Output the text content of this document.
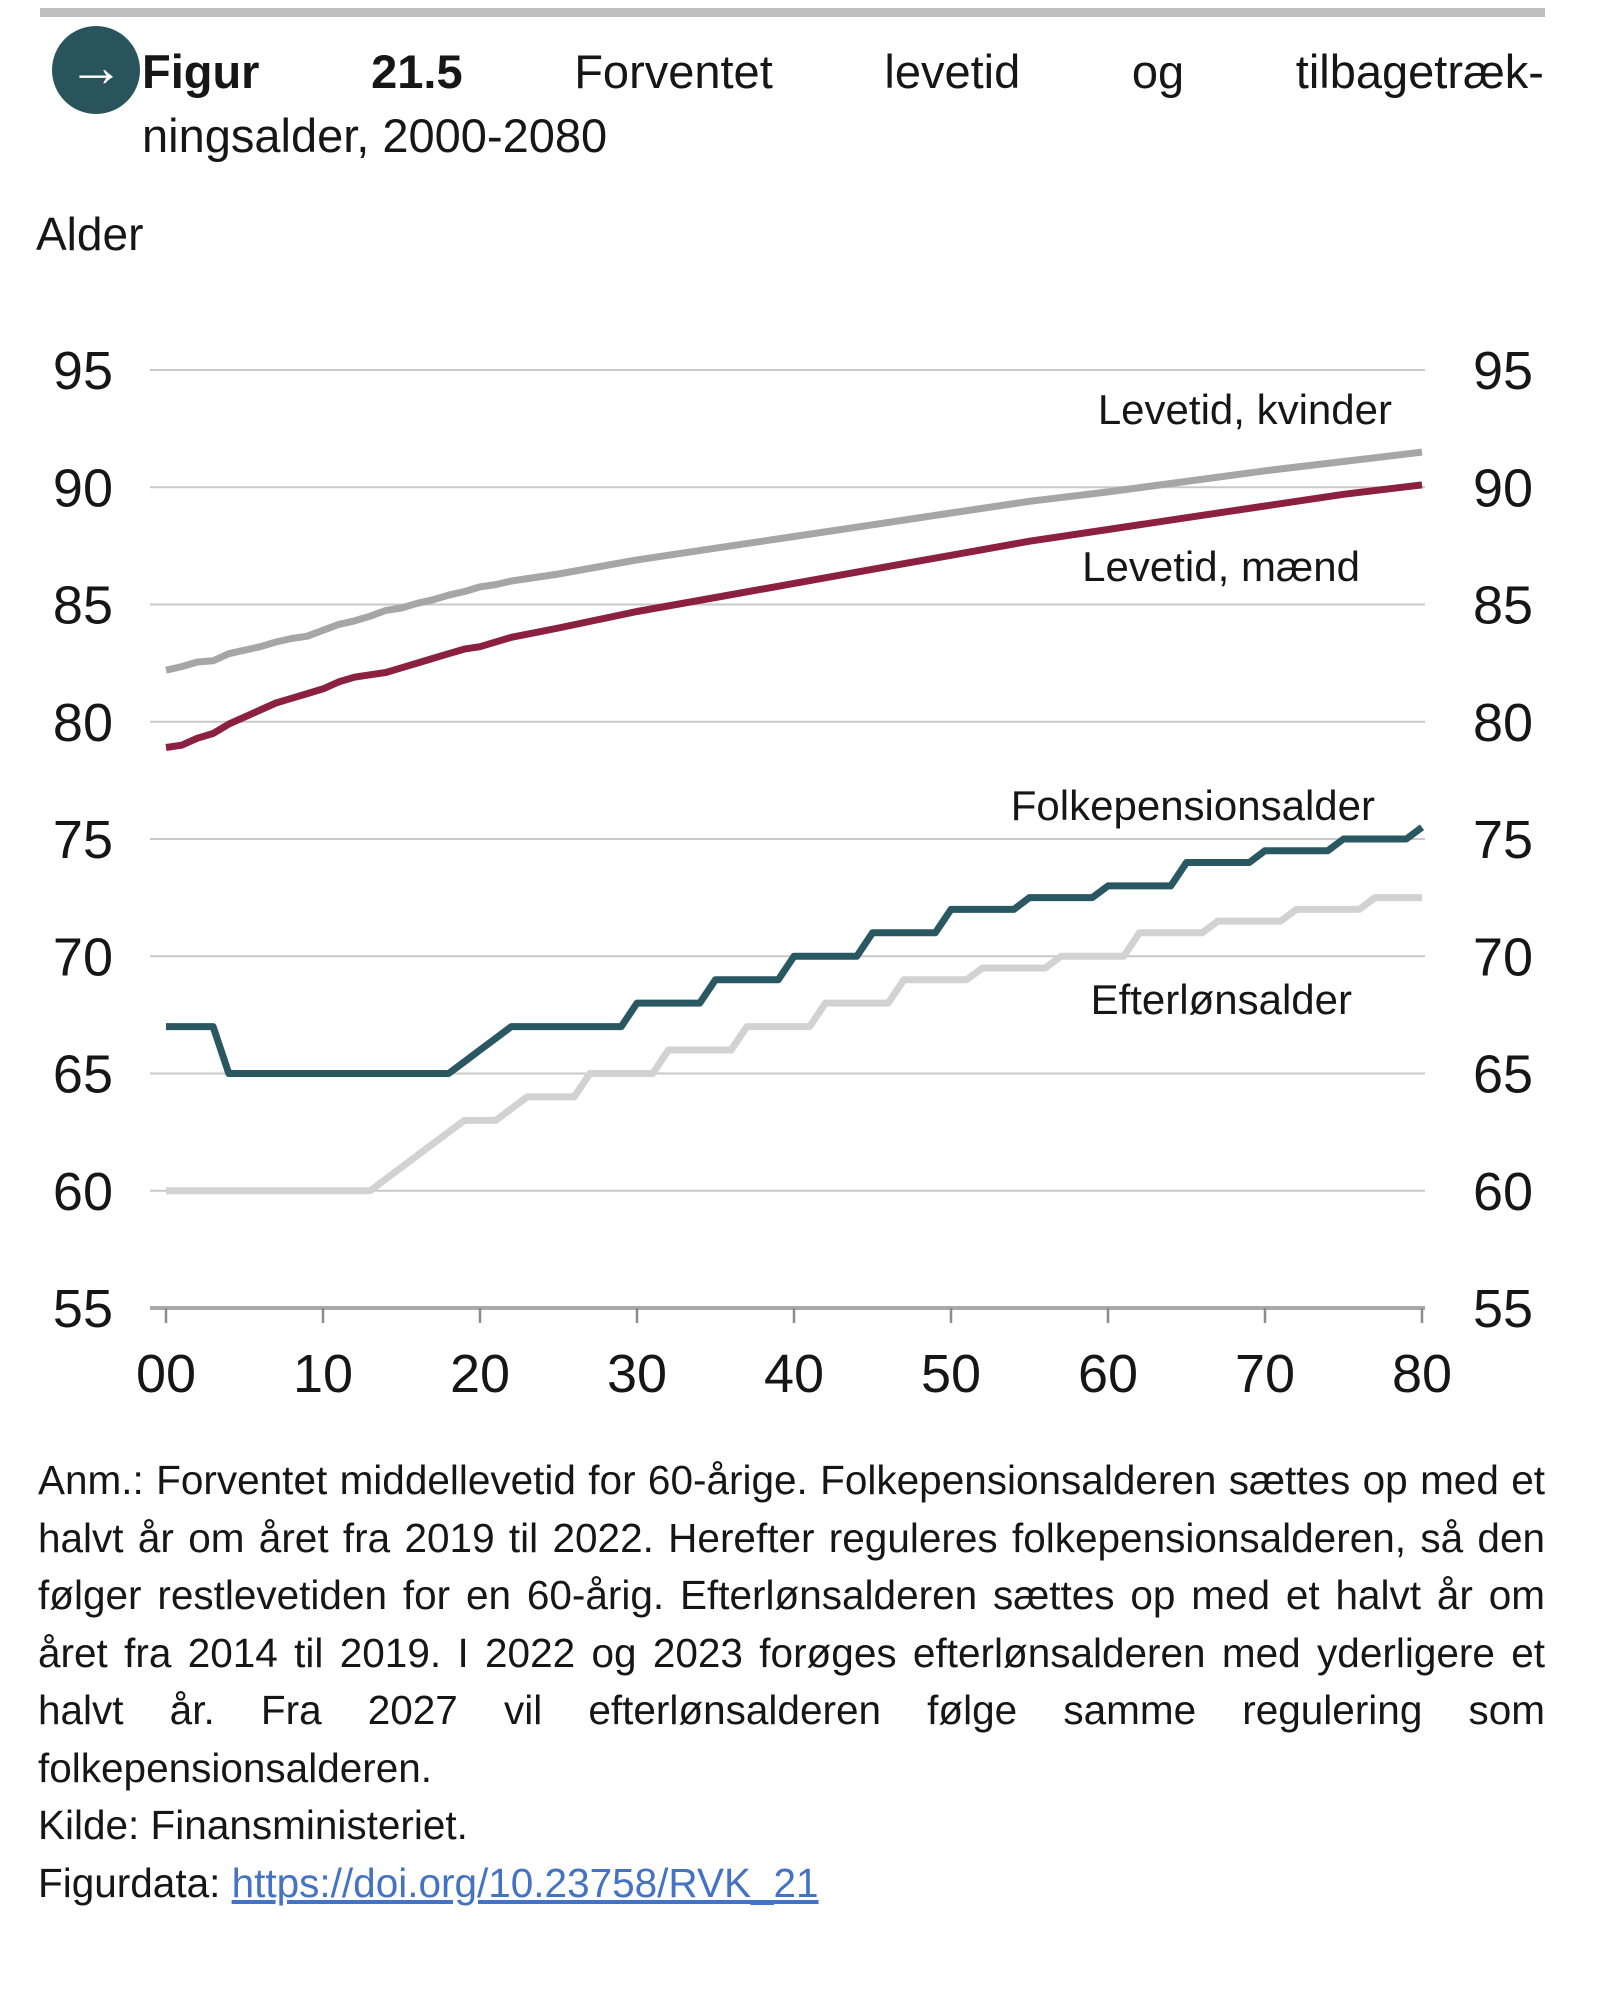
→ Figur 21.5 Forventet levetid og tilbagetræk-
ningsalder, 2000-2080
00 10 20 30 40 50 60 70 80
95	95
90	90
85	85
80	80
75	75
70	70
65	65
60	60
55	55
Alder
Levetid, kvinder
Levetid, mænd
Folkepensionsalder
Efterlønsalder
Anm.: Forventet middellevetid for 60-årige. Folkepensionsalderen sættes op med et halvt år om året fra 2019 til 2022. Herefter reguleres folkepensionsalderen, så den følger restlevetiden for en 60-årig. Efterlønsalderen sættes op med et halvt år om året fra 2014 til 2019. I 2022 og 2023 forøges efterlønsalderen med yderligere et halvt år. Fra 2027 vil efterlønsalderen følge samme regulering som folkepensionsalderen.
Kilde: Finansministeriet.
Figurdata: https://doi.org/10.23758/RVK_21
